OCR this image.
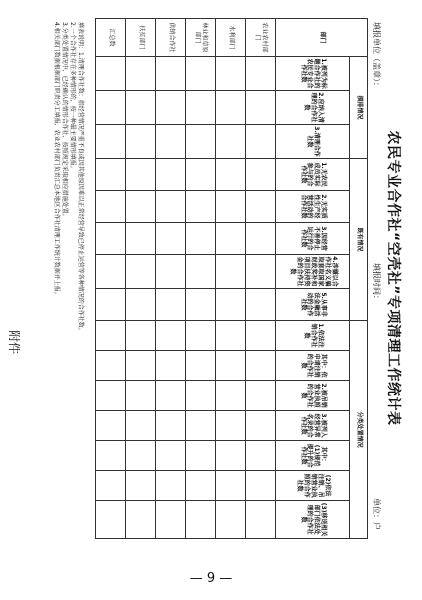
附件	农民专业合作社“空壳社”专项清理工作统计表
填报单位（盖章）：
填报时间：
单位：户
部门	摸排情况			既有情况					分类处置情况						
	1.被列为标题合作社的农民专业合作社数	2.应纳入清理的合作社数	3.清理合作社数	1.无农民成员实际参与的合作社数	2.无实质性生产经营活动的合作社数	3.因经营不善停止运行的合作社数	4.涉嫌以合作社名义骗取套取国家财政奖补和项目扶持资金的合作社数	5.从事非法金融活动的合作社数	1.依法注销合作社数	其中：依申请注销的合作社数	2.被吊销营业执照的合作社数	3.被列入经营异常名录的合作社数	其中：(1)规范提升的合作社数	(2)依法注销、吊销营业执照的合作社数	(3)移送相关部门依法处理的合作社数
农业农村部门															
水利部门															
林业和草原部门															
供销合作社															
扶贫部门															
汇总数															
填表说明：1.清理合作社数：指经营情况严重不良或因其他原因难以正常经营导致已停止运营等各种情况的合作社数。
2.一个合作社存在多种情形的，按一种最主要情形填报。
3.分类处置情况中，已经确认的情形合作社，按照规定采取相应措施处置。
4.相关部门数据根据部门职责分工填报，农业农村部门负责汇总本地区合作社清理工作统计数据并上报。
— 9 —
